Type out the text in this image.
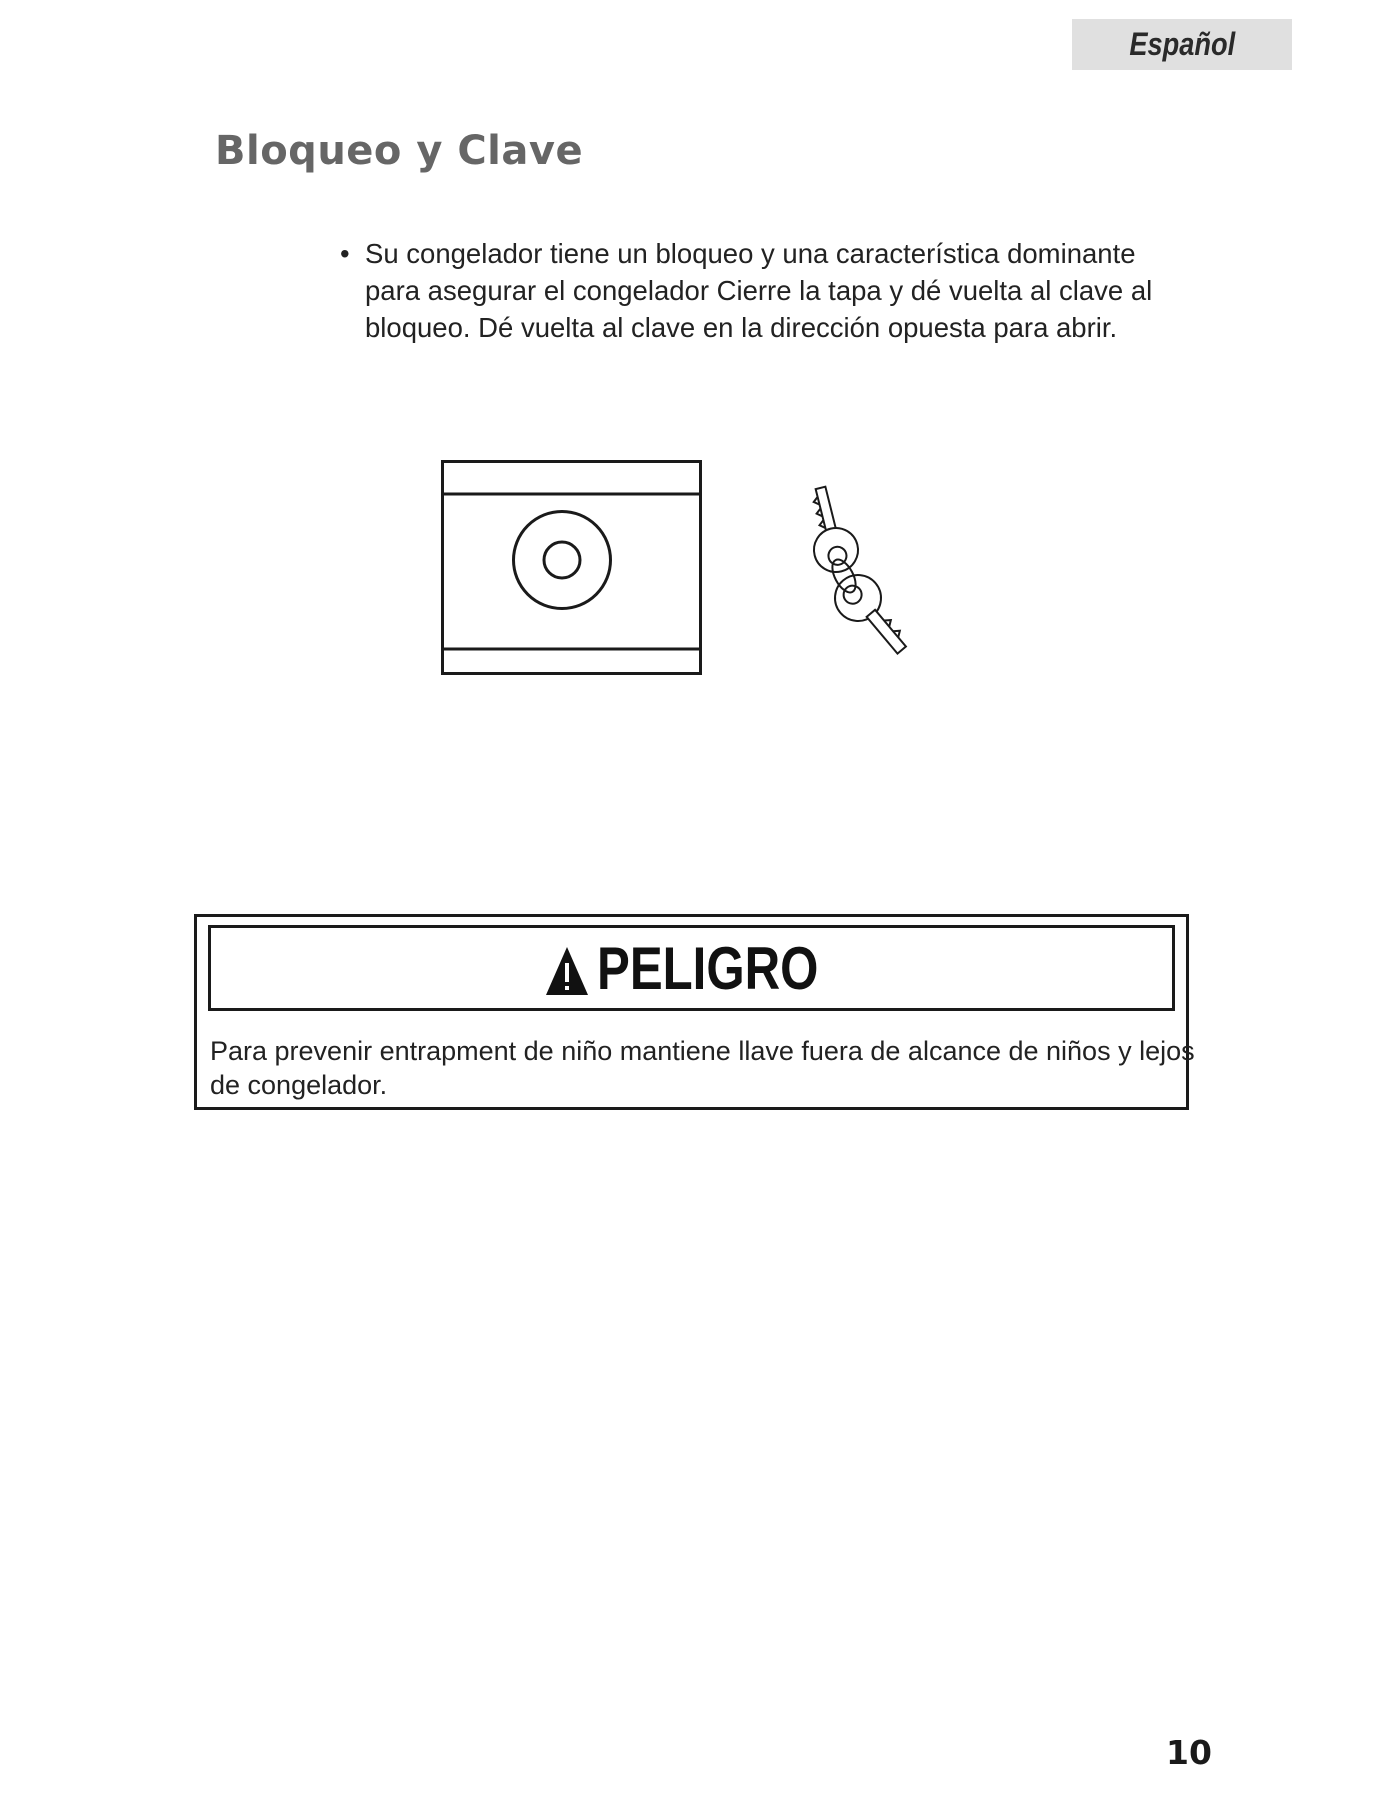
Español
Bloqueo y Clave
• Su congelador tiene un bloqueo y una característica dominante para asegurar el congelador Cierre la tapa y dé vuelta al clave al bloqueo. Dé vuelta al clave en la dirección opuesta para abrir.
PELIGRO
Para prevenir entrapment de niño mantiene llave fuera de alcance de niños y lejos de congelador.
10
